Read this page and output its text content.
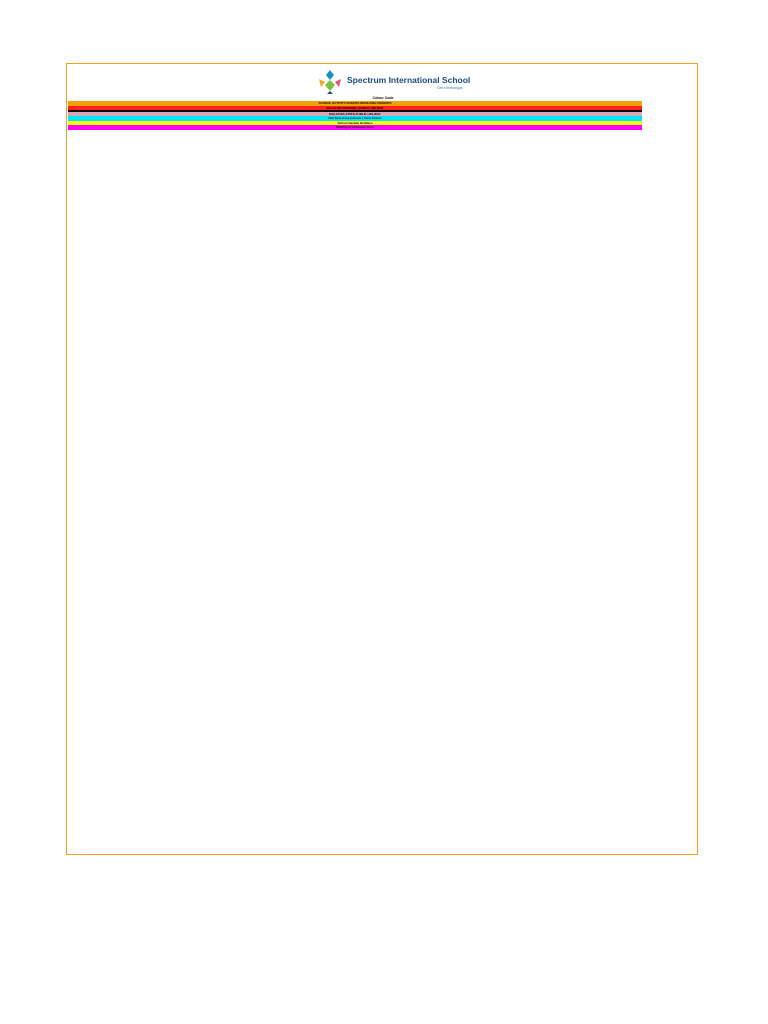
Spectrum International School
Seri Kembangan
Colour Code
SCHOOL ACTIVITY/ EVENTS INVOLVING PARENTS
MALAYSIA NATIONAL PUBLIC HOLIDAY
MALAYSIA STATE PUBLIC HOLIDAY
Mid Term Assessments / Term Exams
School Gazette Holidays
Starting of Academic Term
